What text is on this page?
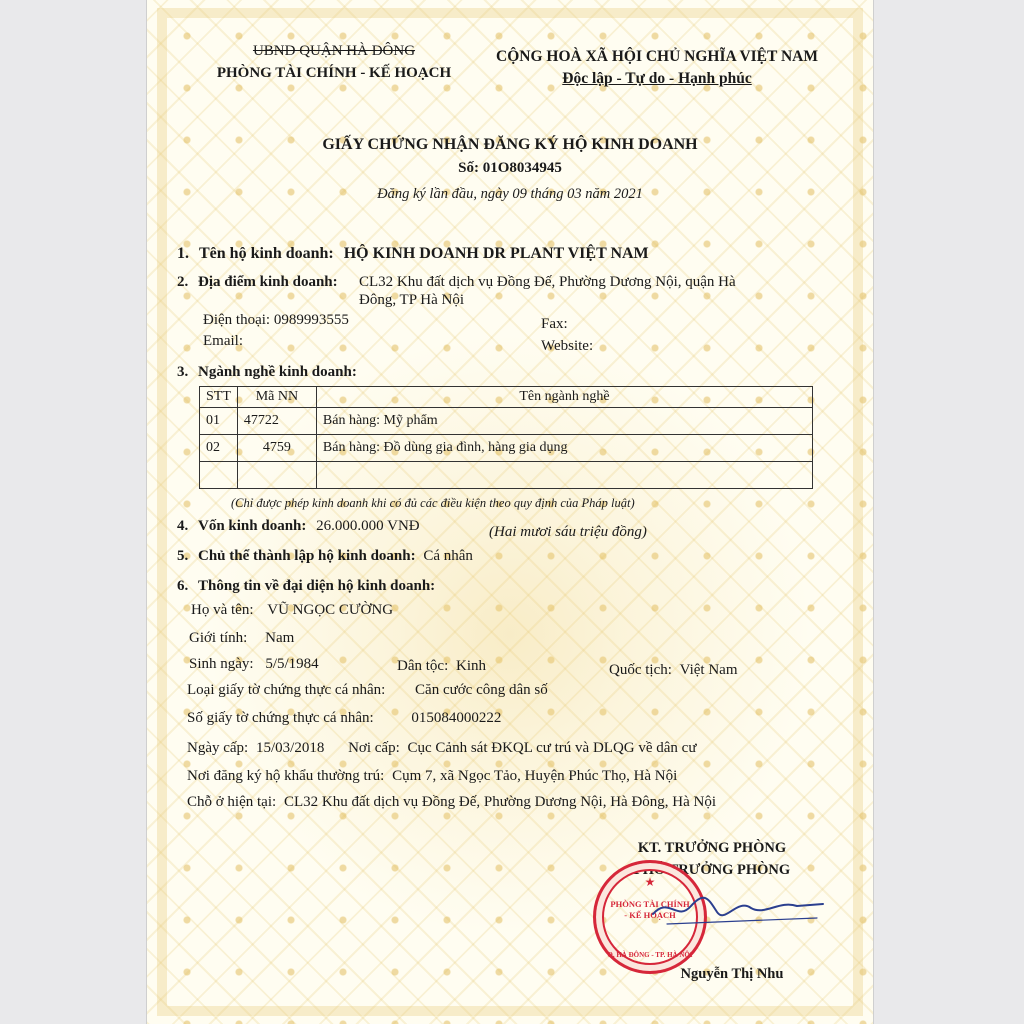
UBND QUẬN HÀ ĐÔNG
PHÒNG TÀI CHÍNH - KẾ HOẠCH
CỘNG HOÀ XÃ HỘI CHỦ NGHĨA VIỆT NAM
Độc lập - Tự do - Hạnh phúc
GIẤY CHỨNG NHẬN ĐĂNG KÝ HỘ KINH DOANH
Số: 01O8034945
Đăng ký lần đầu, ngày 09 tháng 03 năm 2021
1. Tên hộ kinh doanh: HỘ KINH DOANH DR PLANT VIỆT NAM
2. Địa điểm kinh doanh: CL32 Khu đất dịch vụ Đồng Đế, Phường Dương Nội, quận Hà
Đông, TP Hà Nội
Điện thoại: 0989993555	Fax:
Email:	Website:
3. Ngành nghề kinh doanh:
STT	Mã NN	Tên ngành nghề
01	47722	Bán hàng: Mỹ phẩm
02	4759	Bán hàng: Đồ dùng gia đình, hàng gia dụng

(Chỉ được phép kinh doanh khi có đủ các điều kiện theo quy định của Pháp luật)
4. Vốn kinh doanh: 26.000.000 VNĐ	(Hai mươi sáu triệu đồng)
5. Chủ thể thành lập hộ kinh doanh: Cá nhân
6. Thông tin về đại diện hộ kinh doanh:
Họ và tên: VŨ NGỌC CƯỜNG
Giới tính: Nam
Sinh ngày: 5/5/1984	Dân tộc: Kinh	Quốc tịch: Việt Nam
Loại giấy tờ chứng thực cá nhân: Căn cước công dân số
Số giấy tờ chứng thực cá nhân:	015084000222
Ngày cấp: 15/03/2018 Nơi cấp: Cục Cảnh sát ĐKQL cư trú và DLQG về dân cư
Nơi đăng ký hộ khẩu thường trú: Cụm 7, xã Ngọc Tảo, Huyện Phúc Thọ, Hà Nội
Chỗ ở hiện tại: CL32 Khu đất dịch vụ Đồng Đế, Phường Dương Nội, Hà Đông, Hà Nội
KT. TRƯỞNG PHÒNG
PHÓ TRƯỞNG PHÒNG
★
PHÒNG TÀI CHÍNH - KẾ HOẠCH
Q. HÀ ĐÔNG - TP. HÀ NỘI
Nguyễn Thị Nhu
